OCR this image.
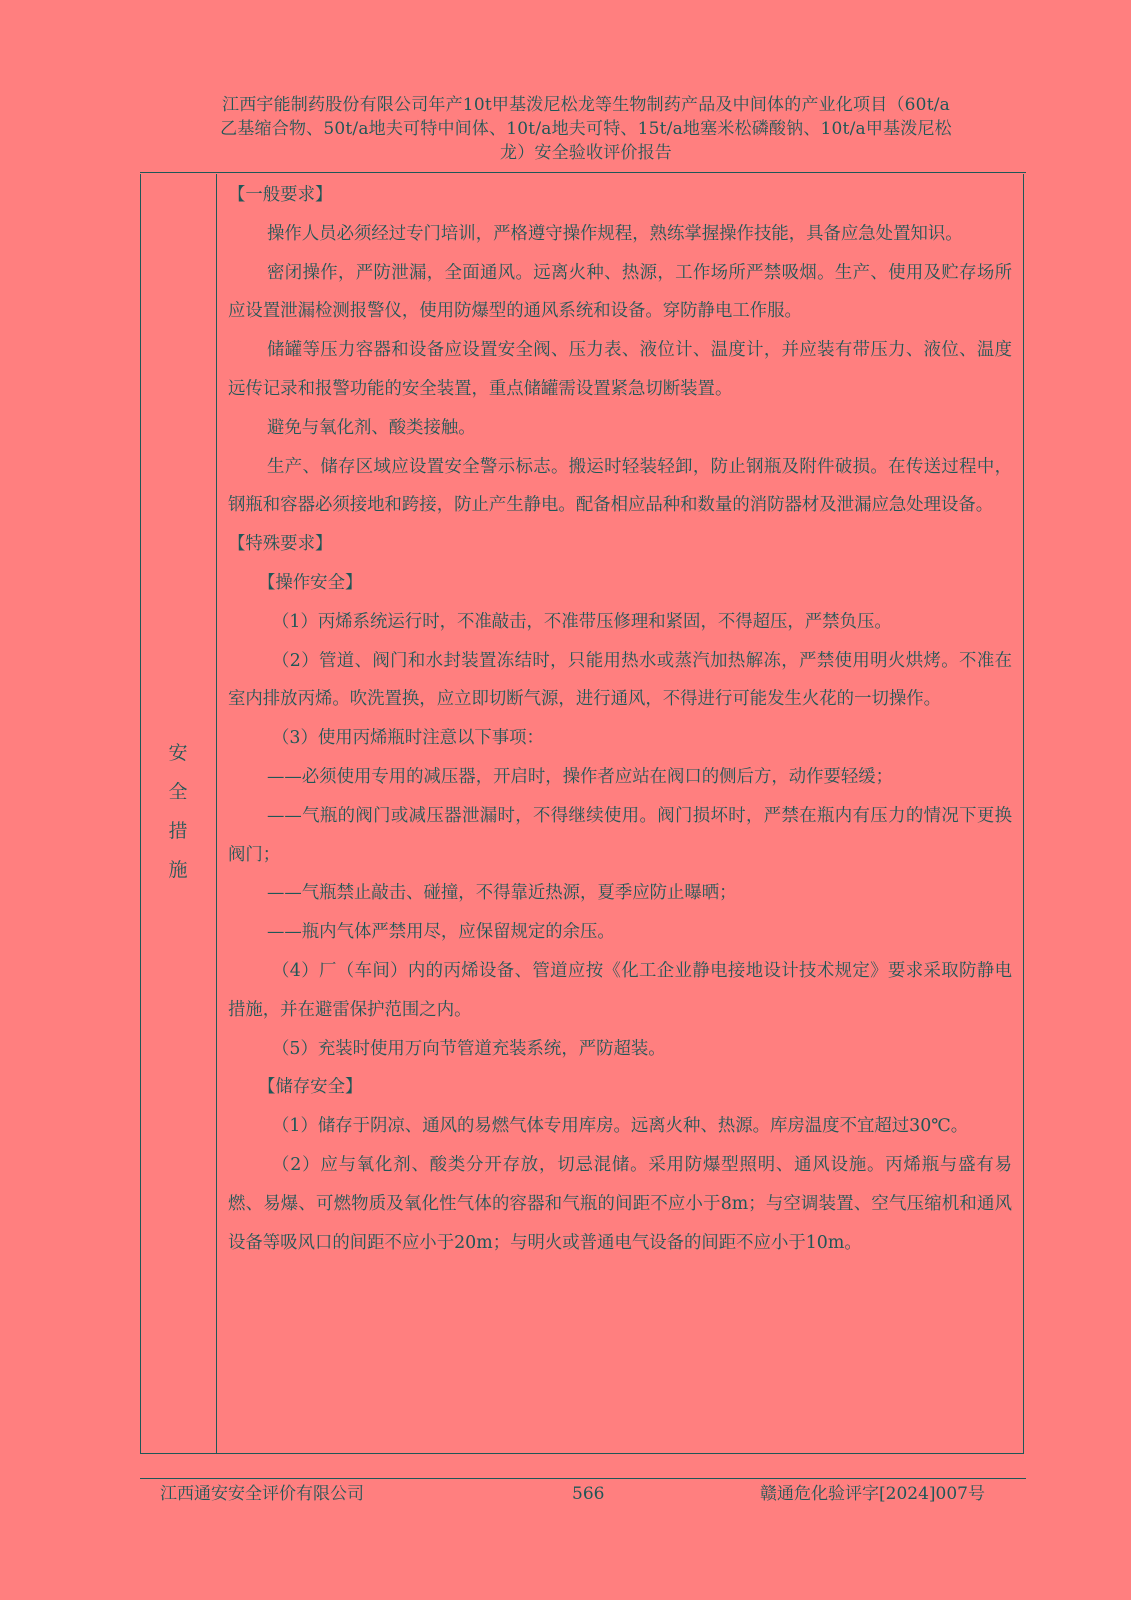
江西宇能制药股份有限公司年产10t甲基泼尼松龙等生物制药产品及中间体的产业化项目（60t/a
乙基缩合物、50t/a地夫可特中间体、10t/a地夫可特、15t/a地塞米松磷酸钠、10t/a甲基泼尼松
龙）安全验收评价报告
安
全
措
施

【一般要求】

操作人员必须经过专门培训，严格遵守操作规程，熟练掌握操作技能，具备应急处置知识。

密闭操作，严防泄漏，全面通风。远离火种、热源，工作场所严禁吸烟。生产、使用及贮存场所应设置泄漏检测报警仪，使用防爆型的通风系统和设备。穿防静电工作服。

储罐等压力容器和设备应设置安全阀、压力表、液位计、温度计，并应装有带压力、液位、温度远传记录和报警功能的安全装置，重点储罐需设置紧急切断装置。

避免与氧化剂、酸类接触。

生产、储存区域应设置安全警示标志。搬运时轻装轻卸，防止钢瓶及附件破损。在传送过程中，钢瓶和容器必须接地和跨接，防止产生静电。配备相应品种和数量的消防器材及泄漏应急处理设备。

【特殊要求】

【操作安全】

（1）丙烯系统运行时，不准敲击，不准带压修理和紧固，不得超压，严禁负压。

（2）管道、阀门和水封装置冻结时，只能用热水或蒸汽加热解冻，严禁使用明火烘烤。不准在室内排放丙烯。吹洗置换，应立即切断气源，进行通风，不得进行可能发生火花的一切操作。

（3）使用丙烯瓶时注意以下事项：

——必须使用专用的减压器，开启时，操作者应站在阀口的侧后方，动作要轻缓；

——气瓶的阀门或减压器泄漏时，不得继续使用。阀门损坏时，严禁在瓶内有压力的情况下更换阀门；

——气瓶禁止敲击、碰撞，不得靠近热源，夏季应防止曝晒；

——瓶内气体严禁用尽，应保留规定的余压。

（4）厂（车间）内的丙烯设备、管道应按《化工企业静电接地设计技术规定》要求采取防静电措施，并在避雷保护范围之内。

（5）充装时使用万向节管道充装系统，严防超装。

【储存安全】

（1）储存于阴凉、通风的易燃气体专用库房。远离火种、热源。库房温度不宜超过30℃。

（2）应与氧化剂、酸类分开存放，切忌混储。采用防爆型照明、通风设施。丙烯瓶与盛有易燃、易爆、可燃物质及氧化性气体的容器和气瓶的间距不应小于8m；与空调装置、空气压缩机和通风设备等吸风口的间距不应小于20m；与明火或普通电气设备的间距不应小于10m。

江西通安安全评价有限公司	566	赣通危化验评字[2024]007号
